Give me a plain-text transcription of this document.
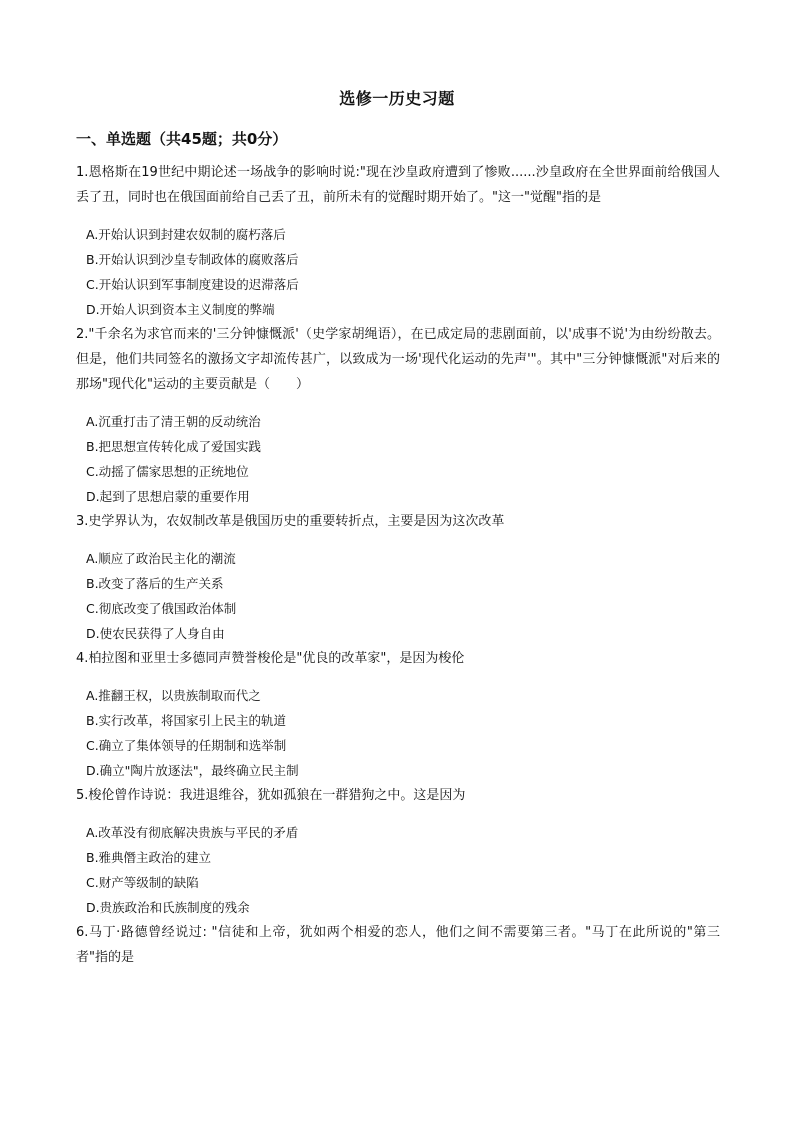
选修一历史习题
一、单选题（共45题；共0分）

1.恩格斯在19世纪中期论述一场战争的影响时说:"现在沙皇政府遭到了惨败......沙皇政府在全世界面前给俄国人丢了丑，同时也在俄国面前给自己丢了丑，前所未有的觉醒时期开始了。"这一"觉醒"指的是

A.开始认识到封建农奴制的腐朽落后
B.开始认识到沙皇专制政体的腐败落后
C.开始认识到军事制度建设的迟滞落后
D.开始人识到资本主义制度的弊端

2."千余名为求官而来的'三分钟慷慨派'（史学家胡绳语），在已成定局的悲剧面前，以'成事不说'为由纷纷散去。但是，他们共同签名的激扬文字却流传甚广，以致成为一场'现代化运动的先声'"。其中"三分钟慷慨派"对后来的那场"现代化"运动的主要贡献是（　　）

A.沉重打击了清王朝的反动统治
B.把思想宣传转化成了爱国实践
C.动摇了儒家思想的正统地位
D.起到了思想启蒙的重要作用

3.史学界认为，农奴制改革是俄国历史的重要转折点，主要是因为这次改革

A.顺应了政治民主化的潮流
B.改变了落后的生产关系
C.彻底改变了俄国政治体制
D.使农民获得了人身自由

4.柏拉图和亚里士多德同声赞誉梭伦是"优良的改革家"，是因为梭伦

A.推翻王权，以贵族制取而代之
B.实行改革，将国家引上民主的轨道
C.确立了集体领导的任期制和选举制
D.确立"陶片放逐法"，最终确立民主制

5.梭伦曾作诗说：我进退维谷，犹如孤狼在一群猎狗之中。这是因为

A.改革没有彻底解决贵族与平民的矛盾
B.雅典僭主政治的建立
C.财产等级制的缺陷
D.贵族政治和氏族制度的残余

6.马丁·路德曾经说过: "信徒和上帝，犹如两个相爱的恋人，他们之间不需要第三者。"马丁在此所说的"第三者"指的是
